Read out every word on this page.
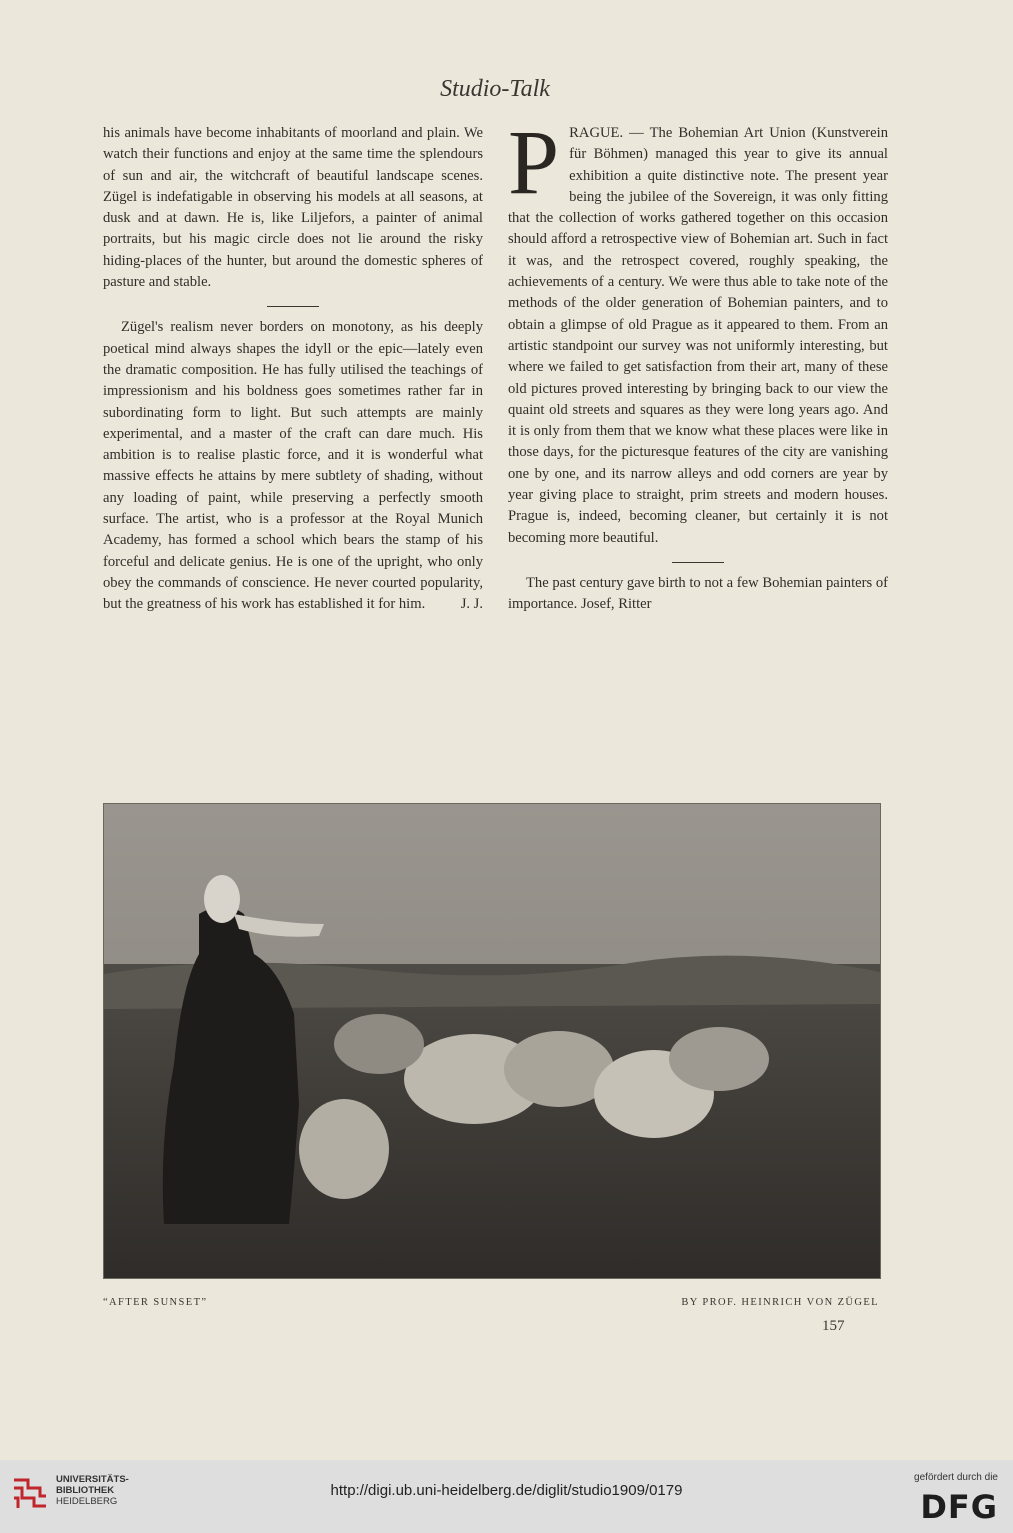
Studio-Talk

his animals have become inhabitants of moorland and plain. We watch their functions and enjoy at the same time the splendours of sun and air, the witchcraft of beautiful landscape scenes. Zügel is indefatigable in observing his models at all seasons, at dusk and at dawn. He is, like Liljefors, a painter of animal portraits, but his magic circle does not lie around the risky hiding-places of the hunter, but around the domestic spheres of pasture and stable.

Zügel's realism never borders on monotony, as his deeply poetical mind always shapes the idyll or the epic—lately even the dramatic composition. He has fully utilised the teachings of impressionism and his boldness goes sometimes rather far in subordinating form to light. But such attempts are mainly experimental, and a master of the craft can dare much. His ambition is to realise plastic force, and it is wonderful what massive effects he attains by mere subtlety of shading, without any loading of paint, while preserving a perfectly smooth surface. The artist, who is a professor at the Royal Munich Academy, has formed a school which bears the stamp of his forceful and delicate genius. He is one of the upright, who only obey the commands of conscience. He never courted popularity, but the greatness of his work has established it for him.	J. J.

PRAGUE. — The Bohemian Art Union (Kunstverein für Böhmen) managed this year to give its annual exhibition a quite distinctive note. The present year being the jubilee of the Sovereign, it was only fitting that the collection of works gathered together on this occasion should afford a retrospective view of Bohemian art. Such in fact it was, and the retrospect covered, roughly speaking, the achievements of a century. We were thus able to take note of the methods of the older generation of Bohemian painters, and to obtain a glimpse of old Prague as it appeared to them. From an artistic standpoint our survey was not uniformly interesting, but where we failed to get satisfaction from their art, many of these old pictures proved interesting by bringing back to our view the quaint old streets and squares as they were long years ago. And it is only from them that we know what these places were like in those days, for the picturesque features of the city are vanishing one by one, and its narrow alleys and odd corners are year by year giving place to straight, prim streets and modern houses. Prague is, indeed, becoming cleaner, but certainly it is not becoming more beautiful.

The past century gave birth to not a few Bohemian painters of importance. Josef, Ritter

“AFTER SUNSET”	BY PROF. HEINRICH VON ZÜGEL
157
UNIVERSITÄTS-
BIBLIOTHEK
HEIDELBERG
http://digi.ub.uni-heidelberg.de/diglit/studio1909/0179
gefördert durch die
DFG
